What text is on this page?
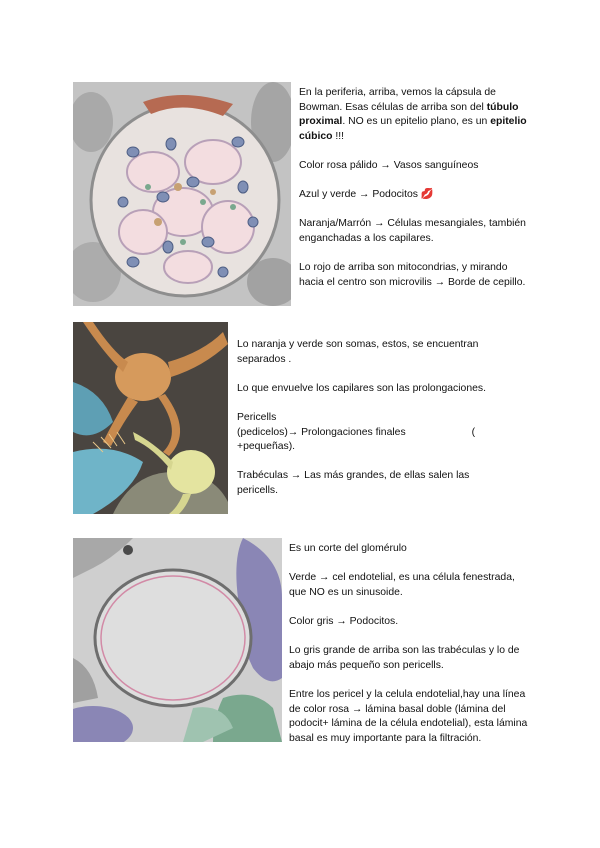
En la periferia, arriba, vemos la cápsula de Bowman. Esas células de arriba son del túbulo proximal. NO es un epitelio plano, es un epitelio cúbico !!!

Color rosa pálido → Vasos sanguíneos

Azul y verde → Podocitos 💋

Naranja/Marrón → Células mesangiales, también enganchadas a los capilares.

Lo rojo de arriba son mitocondrias, y mirando hacia el centro son microvilis → Borde de cepillo.

Lo naranja y verde son somas, estos, se encuentran separados .

Lo que envuelve los capilares son las prolongaciones.

Pericells
(pedicelos)→ Prolongaciones finales	(
+pequeñas).

Trabéculas → Las más grandes, de ellas salen las pericells.

Es un corte del glomérulo

Verde → cel endotelial, es una célula fenestrada, que NO es un sinusoide.

Color gris → Podocitos.

Lo gris grande de arriba son las trabéculas y lo de abajo más pequeño son pericells.

Entre los pericel y la celula endotelial,hay una línea de color rosa → lámina basal doble (lámina del podocit+ lámina de la célula endotelial), esta lámina basal es muy importante para la filtración.
